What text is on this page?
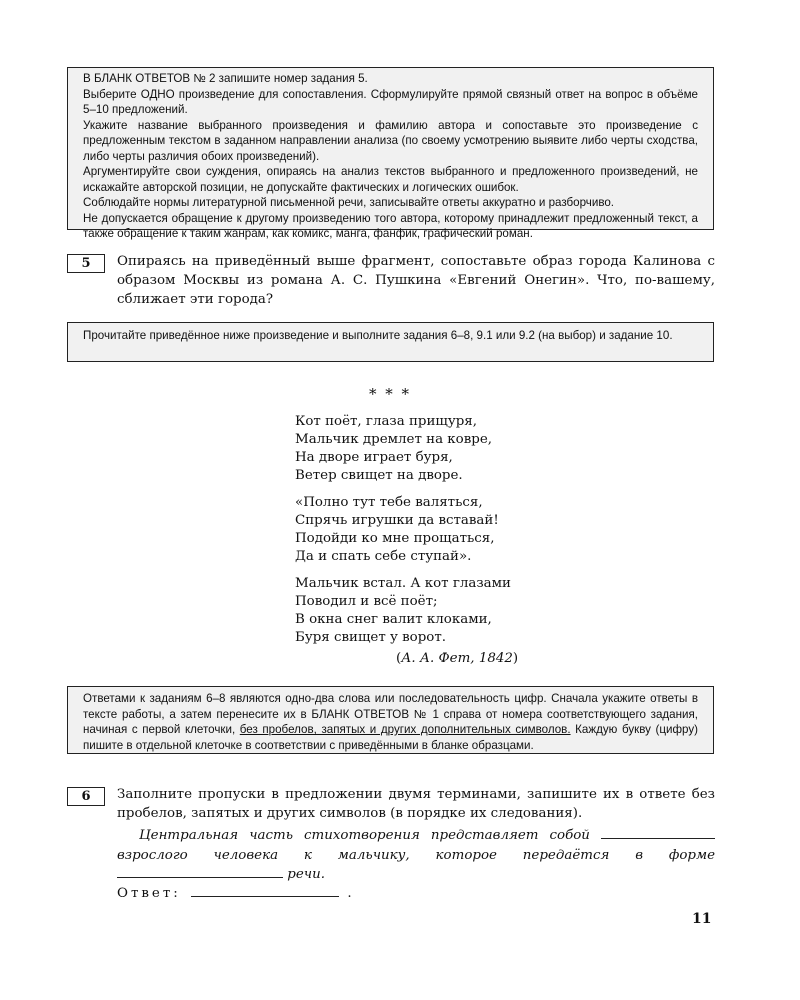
В БЛАНК ОТВЕТОВ № 2 запишите номер задания 5.

Выберите ОДНО произведение для сопоставления. Сформулируйте прямой связный ответ на вопрос в объёме 5–10 предложений.

Укажите название выбранного произведения и фамилию автора и сопоставьте это произведение с предложенным текстом в заданном направлении анализа (по своему усмотрению выявите либо черты сходства, либо черты различия обоих произведений).

Аргументируйте свои суждения, опираясь на анализ текстов выбранного и предложенного произведений, не искажайте авторской позиции, не допускайте фактических и логических ошибок.

Соблюдайте нормы литературной письменной речи, записывайте ответы аккуратно и разборчиво.

Не допускается обращение к другому произведению того автора, которому принадлежит предложенный текст, а также обращение к таким жанрам, как комикс, манга, фанфик, графический роман.

5	Опираясь на приведённый выше фрагмент, сопоставьте образ города Калинова с образом Москвы из романа А. С. Пушкина «Евгений Онегин». Что, по-вашему, сближает эти города?

Прочитайте приведённое ниже произведение и выполните задания 6–8, 9.1 или 9.2 (на выбор) и задание 10.

* * *
Кот поёт, глаза прищуря,
Мальчик дремлет на ковре,
На дворе играет буря,
Ветер свищет на дворе.
«Полно тут тебе валяться,
Спрячь игрушки да вставай!
Подойди ко мне прощаться,
Да и спать себе ступай».
Мальчик встал. А кот глазами
Поводил и всё поёт;
В окна снег валит клоками,
Буря свищет у ворот.
(А. А. Фет, 1842)

Ответами к заданиям 6–8 являются одно-два слова или последовательность цифр. Сначала укажите ответы в тексте работы, а затем перенесите их в БЛАНК ОТВЕТОВ № 1 справа от номера соответствующего задания, начиная с первой клеточки, без пробелов, запятых и других дополнительных символов. Каждую букву (цифру) пишите в отдельной клеточке в соответствии с приведёнными в бланке образцами.

6	Заполните пропуски в предложении двумя терминами, запишите их в ответе без пробелов, запятых и других символов (в порядке их следования).

Центральная часть стихотворения представляет собой  взрослого человека к мальчику, которое передаётся в форме  речи.

Ответ:	.
11
